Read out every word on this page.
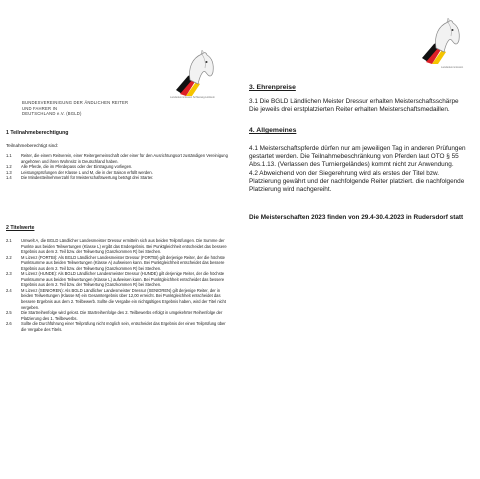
Landeskommission Schleswig-Holstein
BUNDESVEREINIGUNG DER ÄNDLICHEN REITER
UND FAHRER IN
DEUTSCHLAND e.V. (BGLD)
1 Teilnahmeberechtigung
Teilnahmeberechtigt sind:
1.1 Reiter, die einem Reitverein, einer Reitergemeinschaft oder einer für den Ausrichtungsort zuständigen Vereinigung angehören und ihren Wohnsitz in Deutschland haben.
1.2 Alle Pferde, die im Pferdepass oder der Eintragung vorliegen.
1.3 Leistungsprüfungen der Klasse L und M, die in der Saison erfüllt werden.
1.4 Die Mindestteilnehmerzahl für Meisterschaftswertung beträgt drei Starter.
2 Titelwerte
2.1 Umwelt A, die BGLD Ländlicher Landesmeister Dressur ermitteln sich aus beiden Teilprüfungen. Die Summe der Punkte aus beiden Teilwertungen (Klasse L) ergibt das Endergebnis. Bei Punktgleichheit entscheidet das bessere Ergebnis aus dem 2. Teil bzw. der Teilwertung (Ganzkommen R) bei Stechen.
2.2 M Lizenz (FORTBI): Als BGLD Ländlicher Landesmeister Dressur (FORTBI) gilt derjenige Reiter, der die höchste Punktsumme aus beiden Teilwertungen (Klasse A) aufweisen kann. Bei Punktgleichheit entscheidet das bessere Ergebnis aus dem 2. Teil bzw. der Teilwertung (Ganzkommen R) bei Stechen.
2.3 M Lizenz (HUNDE): Als BGLD Ländlicher Landesmeister Dressur (HUNDE) gilt derjenige Reiter, der die höchste Punktsumme aus beiden Teilwertungen (Klasse L) aufweisen kann. Bei Punktgleichheit entscheidet das bessere Ergebnis aus dem 2. Teil bzw. der Teilwertung (Ganzkommen R) bei Stechen.
2.4 M Lizenz (SENIOREN): Als BGLD Ländlicher Landesmeister Dressur (SENIOREN) gilt derjenige Reiter, der in beiden Teilwertungen (Klasse M) ein Gesamtergebnis über 12,00 erreicht. Bei Punktgleichheit entscheidet das bessere Ergebnis aus dem 2. Teilbewerb. Sollte die Vergabe ein nichtgültiges Ergebnis haben, wird der Titel nicht vergeben.
2.5 Die Startreihenfolge wird gelost. Die Startreihenfolge des 2. Teilbewerbs erfolgt in umgekehrter Reihenfolge der Platzierung des 1. Teilbewerbs.
2.6 Sollte die Durchführung einer Teilprüfung nicht möglich sein, entscheidet das Ergebnis der einen Teilprüfung über die Vergabe des Titels.
Landeskommission
3. Ehrenpreise
3.1 Die BGLD Ländlichen Meister Dressur erhalten Meisterschaftsschärpe
Die jeweils drei erstplatzierten Reiter erhalten Meisterschaftsmedaillen.
4. Allgemeines
4.1 Meisterschaftspferde dürfen nur am jeweiligen Tag in anderen Prüfungen
gestartet werden. Die Teilnahmebeschränkung von Pferden laut OTO § 55
Abs.1.13. (Verlassen des Turniergeländes) kommt nicht zur Anwendung.
4.2 Abweichend von der Siegerehrung wird als erstes der Titel bzw.
Platzierung gewährt und der nachfolgende Reiter platziert. die nachfolgende
Platzierung wird nachgereiht.
Die Meisterschaften 2023 finden von 29.4-30.4.2023 in Rudersdorf statt
